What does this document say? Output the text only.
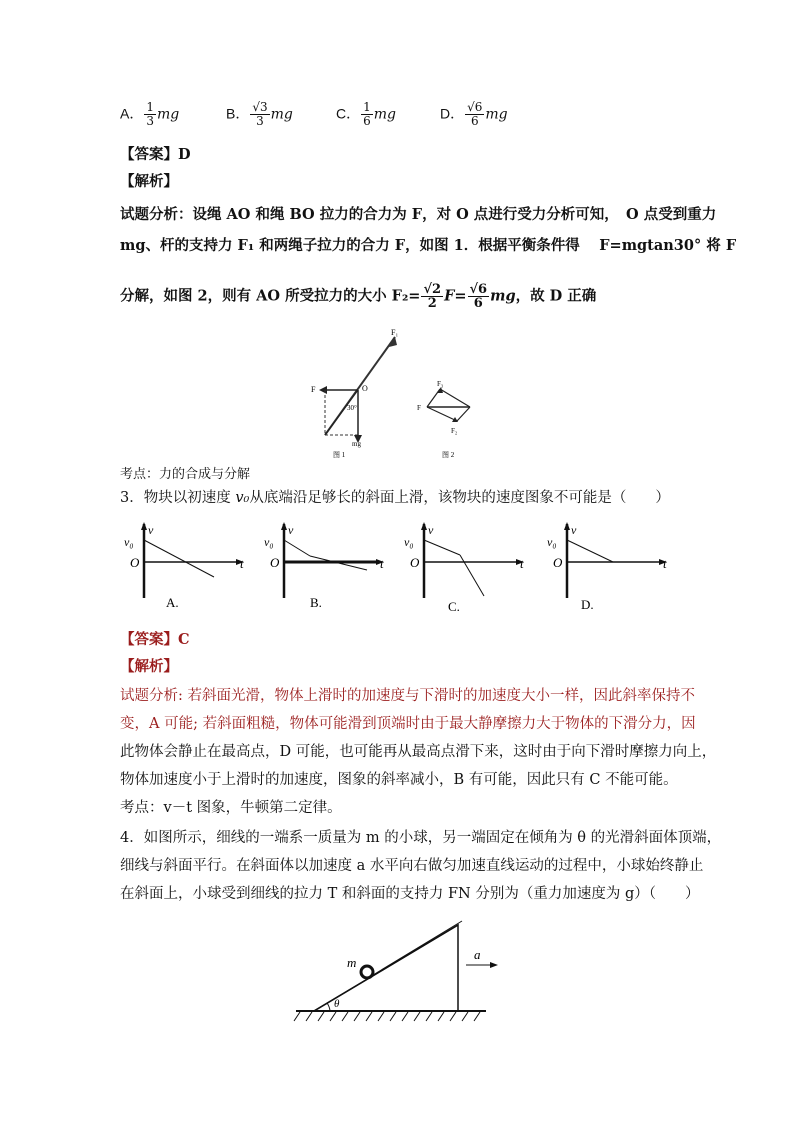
A． $\frac{1}{3}$ mg	B． $\frac{√3}{3}$ mg	C． $\frac{1}{6}$ mg	D． $\frac{√6}{6}$ mg
【答案】D
【解析】
试题分析：设绳 AO 和绳 BO 拉力的合力为 F，对 O 点进行受力分析可知，　O 点受到重力
mg、杆的支持力 F₁ 和两绳子拉力的合力 F，如图 1．根据平衡条件得　 F=mgtan30° 将 F
分解，如图 2，则有 AO 所受拉力的大小 $F_2= \frac{√2}{2} F= \frac{√6}{6}$ mg，故 D 正确
F₁
F	O
30°
mg
图 1
F₃
F
F₂
图 2
考点：力的合成与分解
3．物块以初速度 v₀从底端沿足够长的斜面上滑，该物块的速度图象不可能是（　　）
v
v₀
O	t
A.
v
v₀
O	t
B.
v
v₀
O	t
C.
v
v₀
O	t
D.
【答案】C
【解析】
试题分析: 若斜面光滑，物体上滑时的加速度与下滑时的加速度大小一样，因此斜率保持不
变，A 可能; 若斜面粗糙，物体可能滑到顶端时由于最大静摩擦力大于物体的下滑分力，因
此物体会静止在最高点，D 可能，也可能再从最高点滑下来，这时由于向下滑时摩擦力向上，
物体加速度小于上滑时的加速度，图象的斜率减小，B 有可能，因此只有 C 不能可能。
考点：v－t 图象，牛顿第二定律。
4．如图所示，细线的一端系一质量为 m 的小球，另一端固定在倾角为 θ 的光滑斜面体顶端，
细线与斜面平行。在斜面体以加速度 a 水平向右做匀加速直线运动的过程中，小球始终静止
在斜面上，小球受到细线的拉力 T 和斜面的支持力 FN 分别为（重力加速度为 g）（　　）
θ
m
a
